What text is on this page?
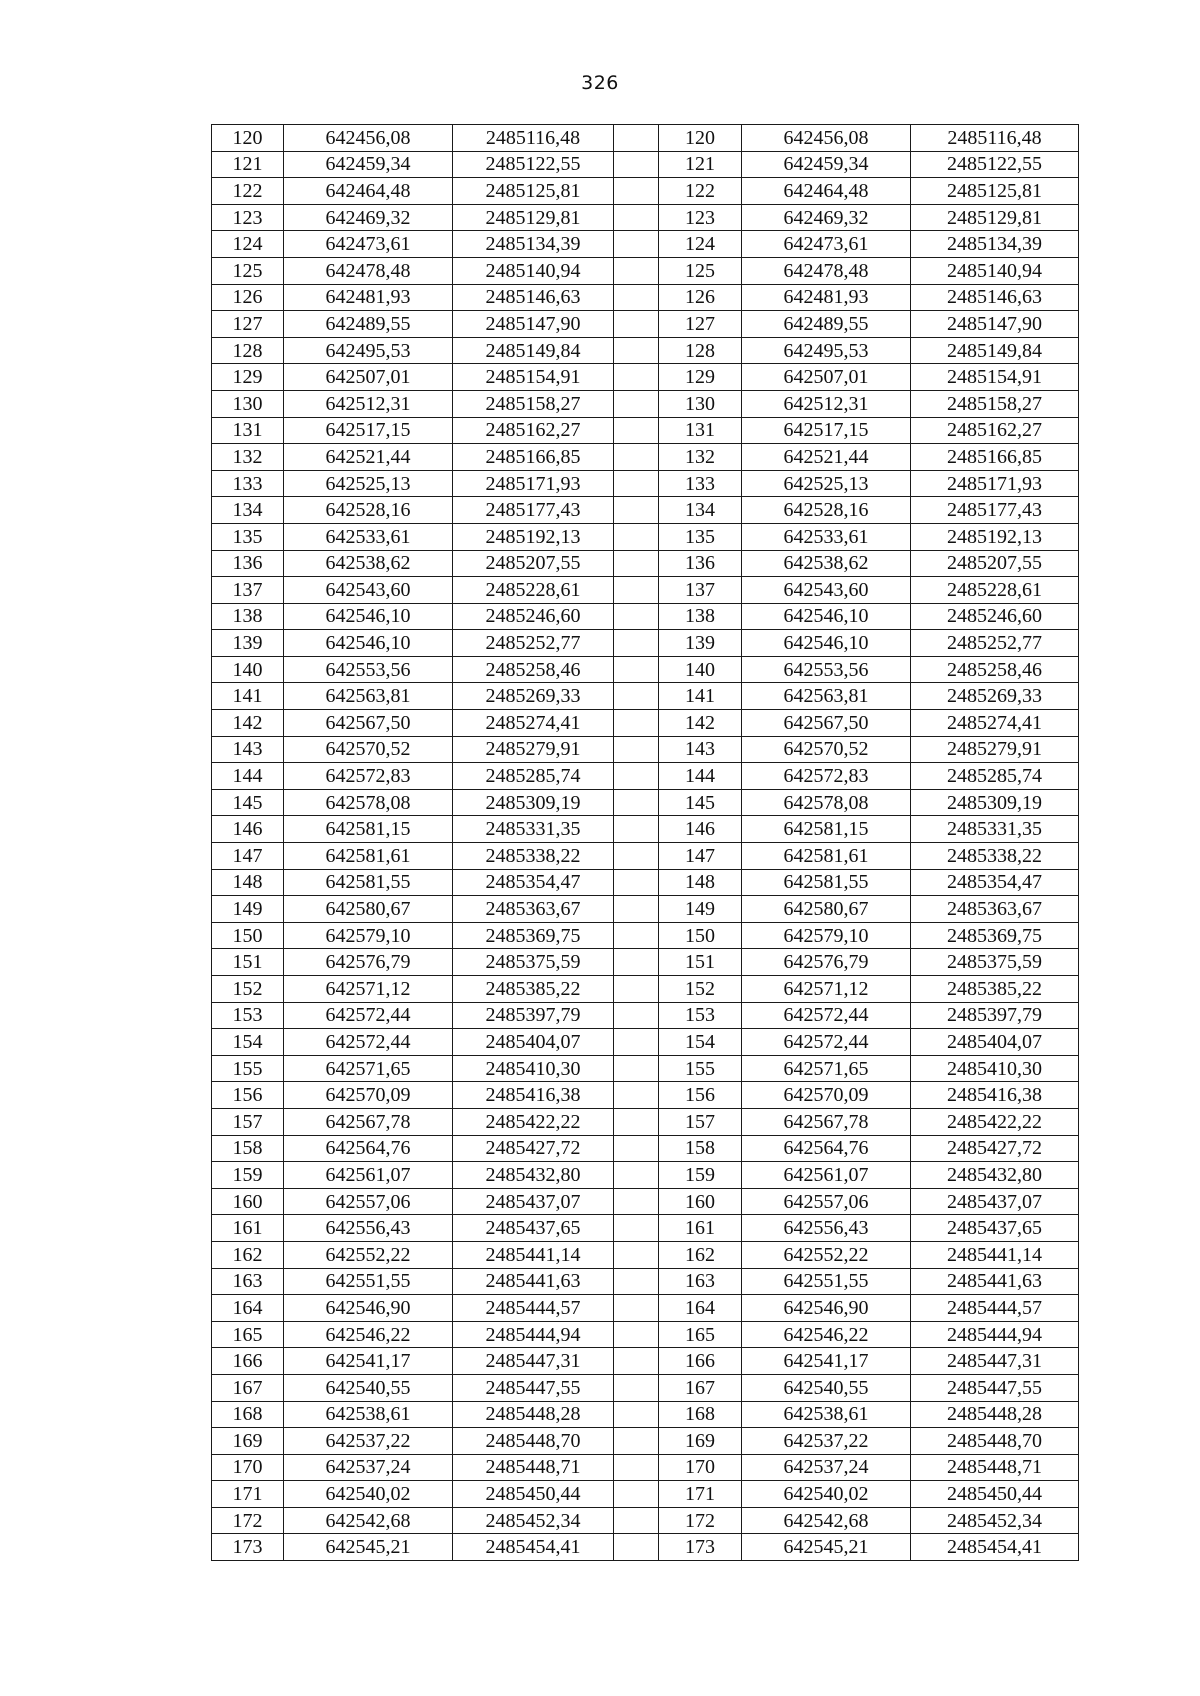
326
120	642456,08	2485116,48		120	642456,08	2485116,48
121	642459,34	2485122,55		121	642459,34	2485122,55
122	642464,48	2485125,81		122	642464,48	2485125,81
123	642469,32	2485129,81		123	642469,32	2485129,81
124	642473,61	2485134,39		124	642473,61	2485134,39
125	642478,48	2485140,94		125	642478,48	2485140,94
126	642481,93	2485146,63		126	642481,93	2485146,63
127	642489,55	2485147,90		127	642489,55	2485147,90
128	642495,53	2485149,84		128	642495,53	2485149,84
129	642507,01	2485154,91		129	642507,01	2485154,91
130	642512,31	2485158,27		130	642512,31	2485158,27
131	642517,15	2485162,27		131	642517,15	2485162,27
132	642521,44	2485166,85		132	642521,44	2485166,85
133	642525,13	2485171,93		133	642525,13	2485171,93
134	642528,16	2485177,43		134	642528,16	2485177,43
135	642533,61	2485192,13		135	642533,61	2485192,13
136	642538,62	2485207,55		136	642538,62	2485207,55
137	642543,60	2485228,61		137	642543,60	2485228,61
138	642546,10	2485246,60		138	642546,10	2485246,60
139	642546,10	2485252,77		139	642546,10	2485252,77
140	642553,56	2485258,46		140	642553,56	2485258,46
141	642563,81	2485269,33		141	642563,81	2485269,33
142	642567,50	2485274,41		142	642567,50	2485274,41
143	642570,52	2485279,91		143	642570,52	2485279,91
144	642572,83	2485285,74		144	642572,83	2485285,74
145	642578,08	2485309,19		145	642578,08	2485309,19
146	642581,15	2485331,35		146	642581,15	2485331,35
147	642581,61	2485338,22		147	642581,61	2485338,22
148	642581,55	2485354,47		148	642581,55	2485354,47
149	642580,67	2485363,67		149	642580,67	2485363,67
150	642579,10	2485369,75		150	642579,10	2485369,75
151	642576,79	2485375,59		151	642576,79	2485375,59
152	642571,12	2485385,22		152	642571,12	2485385,22
153	642572,44	2485397,79		153	642572,44	2485397,79
154	642572,44	2485404,07		154	642572,44	2485404,07
155	642571,65	2485410,30		155	642571,65	2485410,30
156	642570,09	2485416,38		156	642570,09	2485416,38
157	642567,78	2485422,22		157	642567,78	2485422,22
158	642564,76	2485427,72		158	642564,76	2485427,72
159	642561,07	2485432,80		159	642561,07	2485432,80
160	642557,06	2485437,07		160	642557,06	2485437,07
161	642556,43	2485437,65		161	642556,43	2485437,65
162	642552,22	2485441,14		162	642552,22	2485441,14
163	642551,55	2485441,63		163	642551,55	2485441,63
164	642546,90	2485444,57		164	642546,90	2485444,57
165	642546,22	2485444,94		165	642546,22	2485444,94
166	642541,17	2485447,31		166	642541,17	2485447,31
167	642540,55	2485447,55		167	642540,55	2485447,55
168	642538,61	2485448,28		168	642538,61	2485448,28
169	642537,22	2485448,70		169	642537,22	2485448,70
170	642537,24	2485448,71		170	642537,24	2485448,71
171	642540,02	2485450,44		171	642540,02	2485450,44
172	642542,68	2485452,34		172	642542,68	2485452,34
173	642545,21	2485454,41		173	642545,21	2485454,41
